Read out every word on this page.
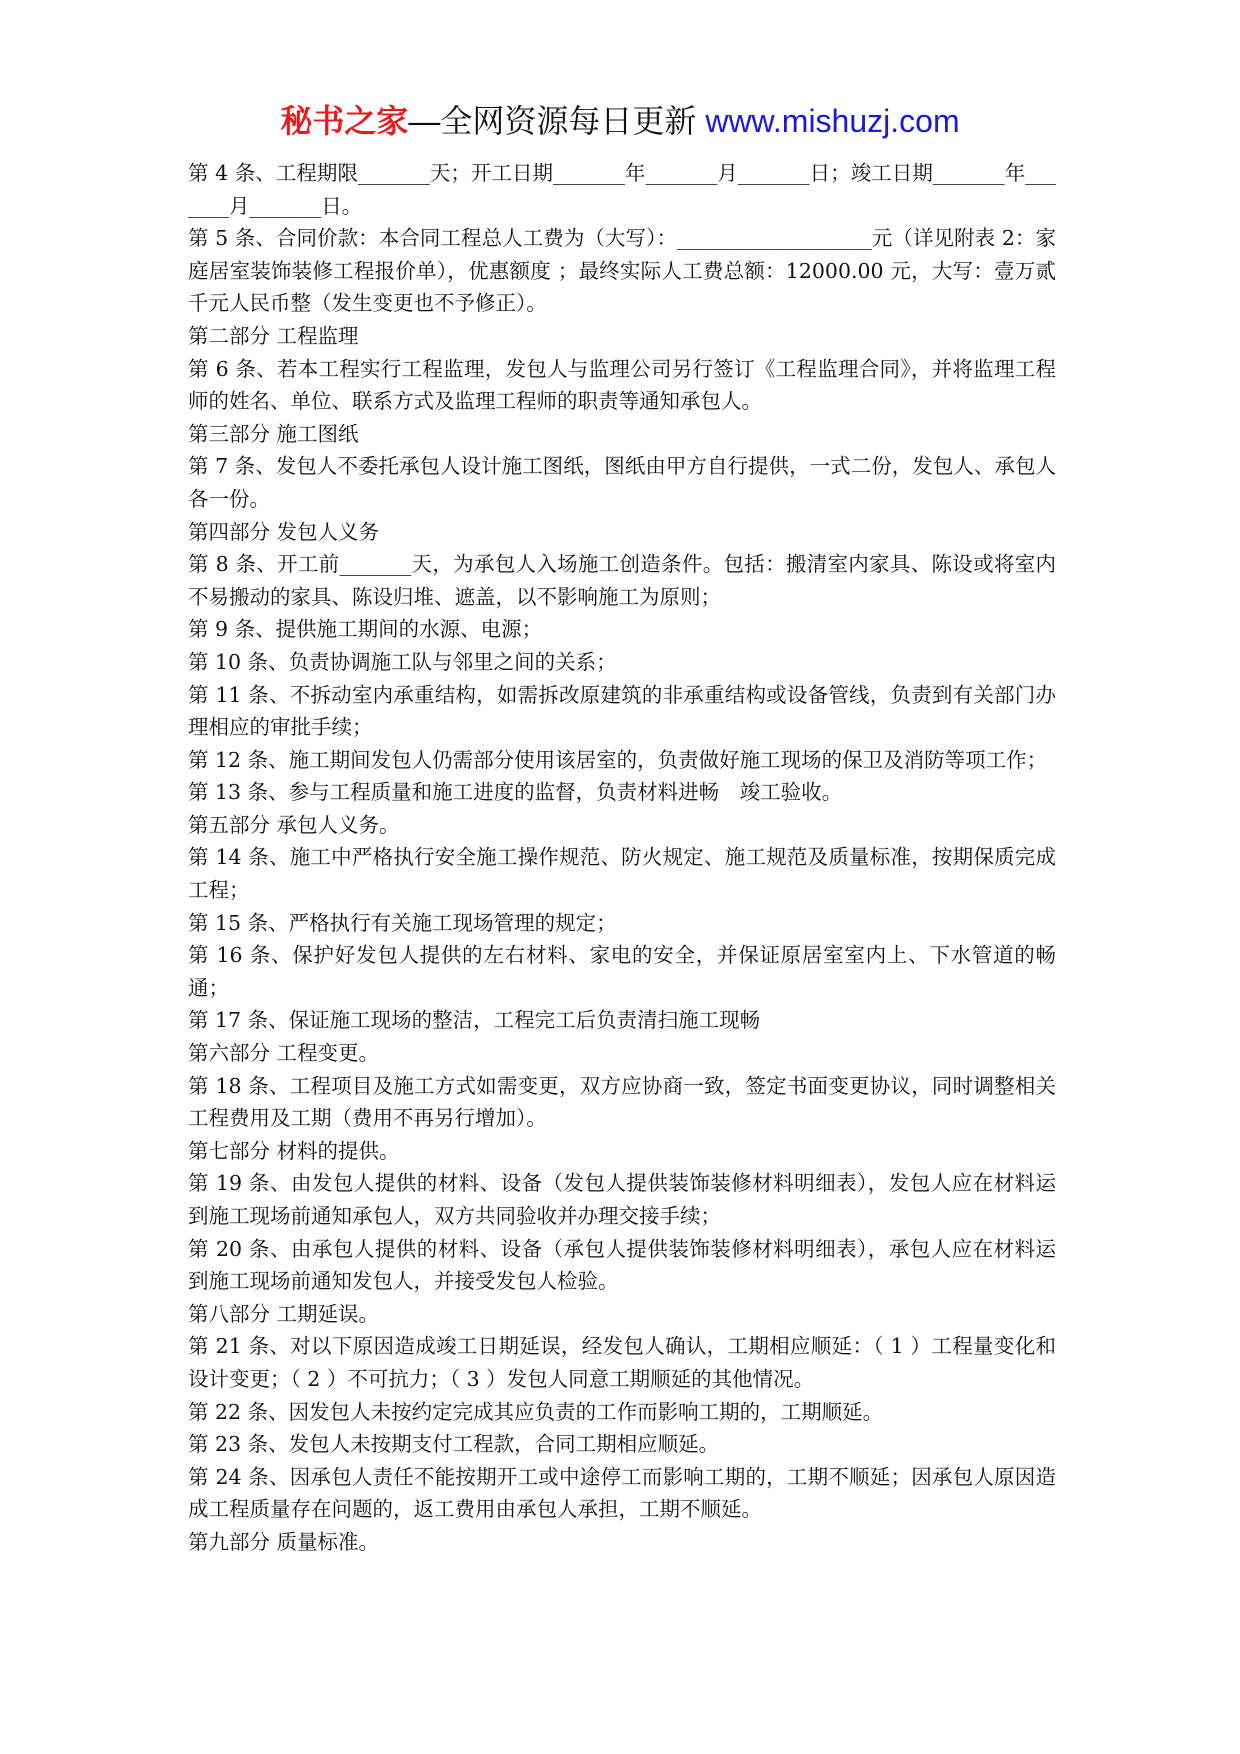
秘书之家—全网资源每日更新 www.mishuzj.com

第 4 条、工程期限_______天；开工日期_______年_______月_______日；竣工日期_______年_______月_______日。

第 5 条、合同价款：本合同工程总人工费为（大写）：___________________元（详见附表 2：家庭居室装饰装修工程报价单），优惠额度 ；最终实际人工费总额：12000.00 元，大写：壹万贰千元人民币整（发生变更也不予修正）。

第二部分 工程监理

第 6 条、若本工程实行工程监理，发包人与监理公司另行签订《工程监理合同》，并将监理工程师的姓名、单位、联系方式及监理工程师的职责等通知承包人。

第三部分 施工图纸

第 7 条、发包人不委托承包人设计施工图纸，图纸由甲方自行提供，一式二份，发包人、承包人各一份。

第四部分 发包人义务

第 8 条、开工前_______天，为承包人入场施工创造条件。包括：搬清室内家具、陈设或将室内不易搬动的家具、陈设归堆、遮盖，以不影响施工为原则；

第 9 条、提供施工期间的水源、电源；

第 10 条、负责协调施工队与邻里之间的关系；

第 11 条、不拆动室内承重结构，如需拆改原建筑的非承重结构或设备管线，负责到有关部门办理相应的审批手续；

第 12 条、施工期间发包人仍需部分使用该居室的，负责做好施工现场的保卫及消防等项工作；

第 13 条、参与工程质量和施工进度的监督，负责材料进畅　竣工验收。

第五部分 承包人义务。

第 14 条、施工中严格执行安全施工操作规范、防火规定、施工规范及质量标准，按期保质完成工程；

第 15 条、严格执行有关施工现场管理的规定；

第 16 条、保护好发包人提供的左右材料、家电的安全，并保证原居室室内上、下水管道的畅通；

第 17 条、保证施工现场的整洁，工程完工后负责清扫施工现畅

第六部分 工程变更。

第 18 条、工程项目及施工方式如需变更，双方应协商一致，签定书面变更协议，同时调整相关工程费用及工期（费用不再另行增加）。

第七部分 材料的提供。

第 19 条、由发包人提供的材料、设备（发包人提供装饰装修材料明细表），发包人应在材料运到施工现场前通知承包人，双方共同验收并办理交接手续；

第 20 条、由承包人提供的材料、设备（承包人提供装饰装修材料明细表），承包人应在材料运到施工现场前通知发包人，并接受发包人检验。

第八部分 工期延误。

第 21 条、对以下原因造成竣工日期延误，经发包人确认，工期相应顺延：（ 1 ）工程量变化和设计变更；（ 2 ）不可抗力；（ 3 ）发包人同意工期顺延的其他情况。

第 22 条、因发包人未按约定完成其应负责的工作而影响工期的，工期顺延。

第 23 条、发包人未按期支付工程款，合同工期相应顺延。

第 24 条、因承包人责任不能按期开工或中途停工而影响工期的，工期不顺延；因承包人原因造成工程质量存在问题的，返工费用由承包人承担，工期不顺延。

第九部分 质量标准。
